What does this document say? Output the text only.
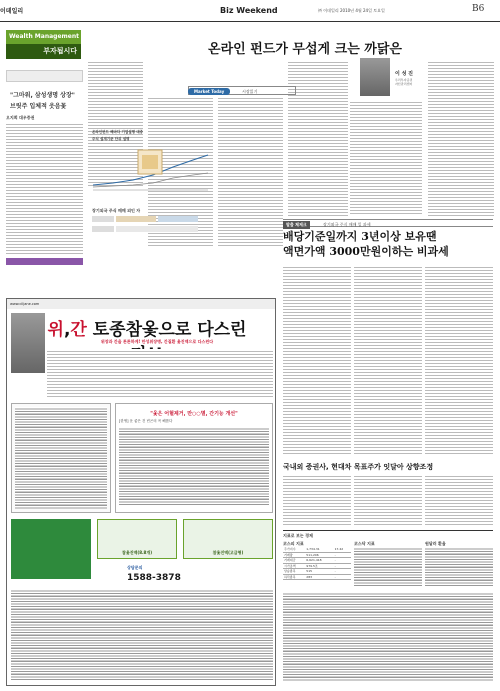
이데일리	Biz Weekend	㈜ 이데일리 2010년 4월 24일 토요일	B6
Wealth Management
부자됩시다
"그마워, 삼성생명 상장"
브릿주 입체적 웃음꽃
오지희 대우증권
온라인 펀드가 무섭게 크는 까닭은
Market Today	시장읽기
이 성 진
우리투자증권
자산관리센터
온라인펀드 해마다 기업설명 대중
주식 설계기준 단위 설명
장기외국 주식 매매 외인 자
발출 체제크	장기외국 주식 매매 일 과세
배당기준일까지 3년이상 보유땐
액면가액 3000만원이하는 비과세
국내외 증권사, 현대차 목표주가 잇달아 상향조정
지표로 보는 경제
코스피 지표
주가지수	1,734.31	17.42
거래량	511,206	-
거래대금	6,621,418	-
시가총액	979.5조	-
상승종목	515	-
하락종목	283	-
코스닥 지표	원달러 환율
www.ciljane.com
위,간 토종참옻으로 다스린
위장과 간을 튼튼하게! 만성위장병, 간질환 옻진액으로 다스린다
"옻은 어혈제거, 만○○멸, 간기능 개선"
[한생] 운 좋은 건 빈곤의 꼭 해롭다
상담문의
1588-3878
참옻진액(8.8개)	참옻진액(고급형)
